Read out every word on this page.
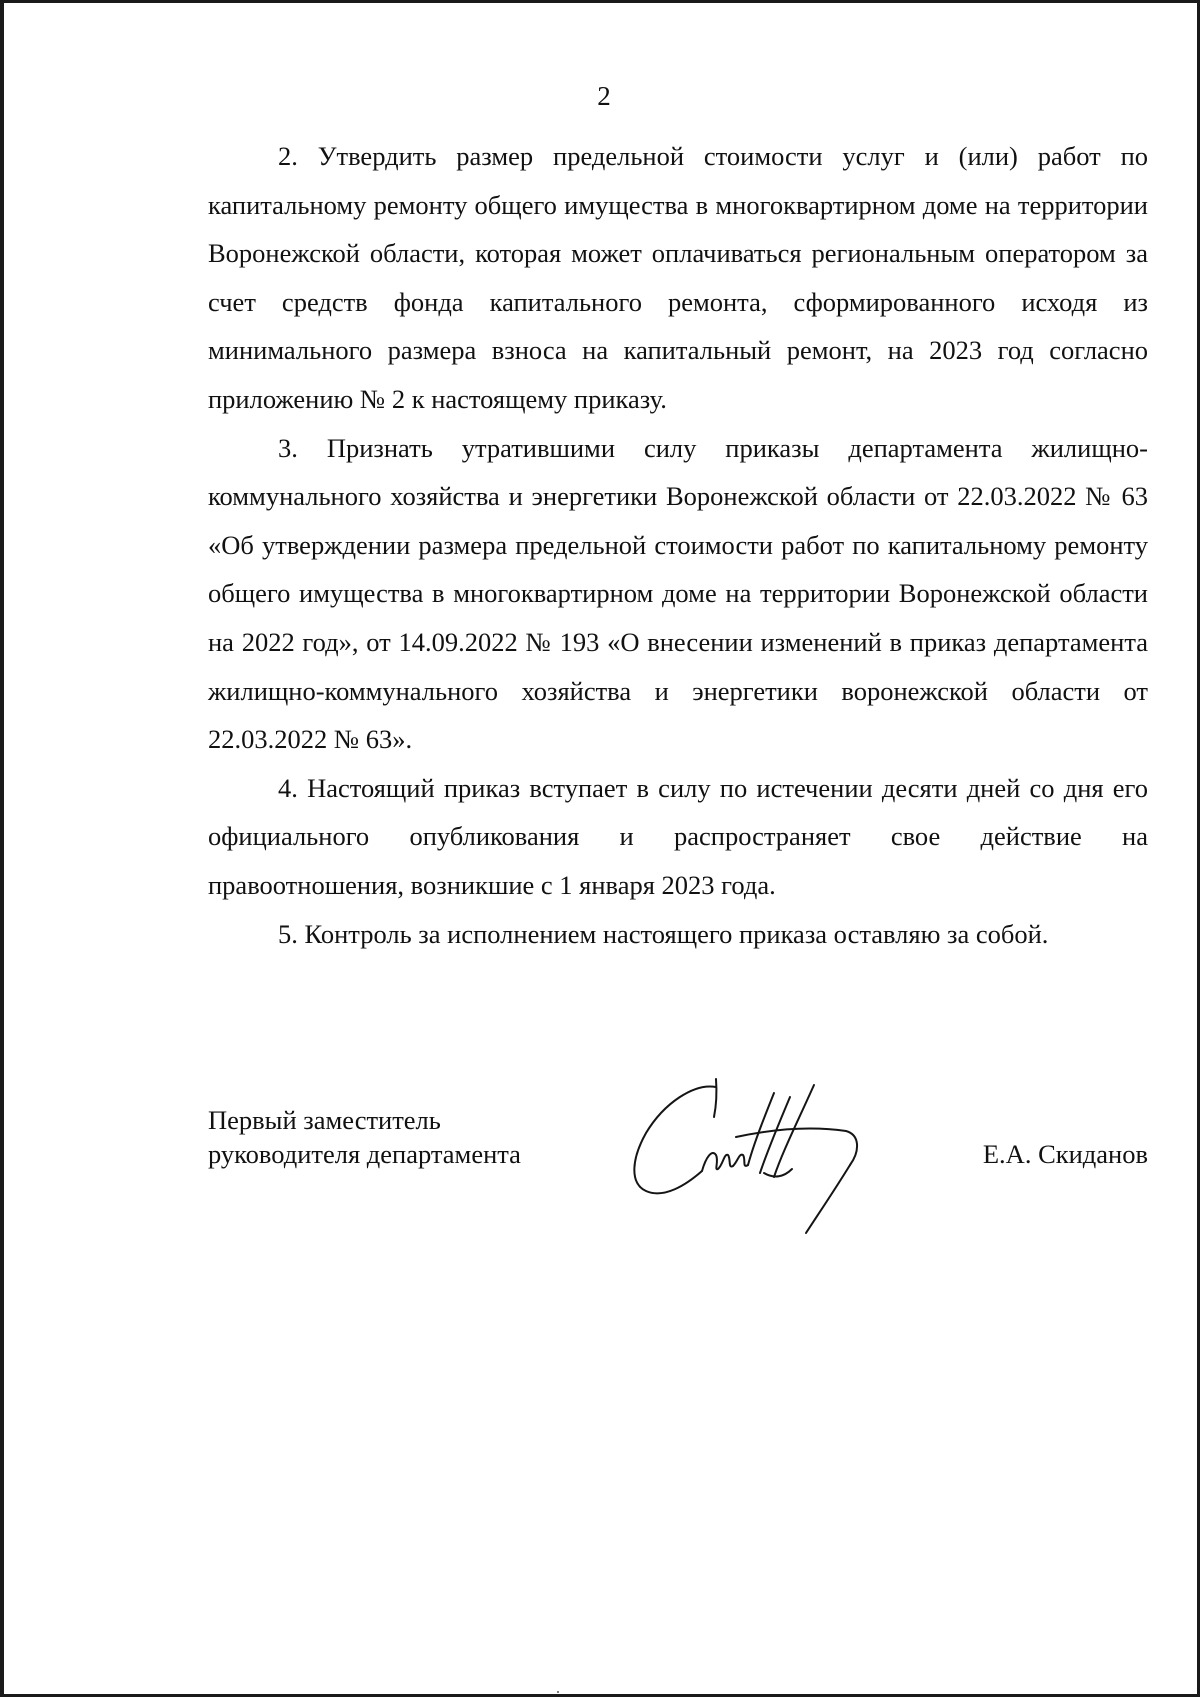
2

2. Утвердить размер предельной стоимости услуг и (или) работ по капитальному ремонту общего имущества в многоквартирном доме на территории Воронежской области, которая может оплачиваться региональным оператором за счет средств фонда капитального ремонта, сформированного исходя из минимального размера взноса на капитальный ремонт, на 2023 год согласно приложению № 2 к настоящему приказу.

3. Признать утратившими силу приказы департамента жилищно-коммунального хозяйства и энергетики Воронежской области от 22.03.2022 № 63 «Об утверждении размера предельной стоимости работ по капитальному ремонту общего имущества в многоквартирном доме на территории Воронежской области на 2022 год», от 14.09.2022 № 193 «О внесении изменений в приказ департамента жилищно-коммунального хозяйства и энергетики воронежской области от 22.03.2022 № 63».

4. Настоящий приказ вступает в силу по истечении десяти дней со дня его официального опубликования и распространяет свое действие на правоотношения, возникшие с 1 января 2023 года.

5. Контроль за исполнением настоящего приказа оставляю за собой.

Первый заместитель
руководителя департамента	Е.А. Скиданов
